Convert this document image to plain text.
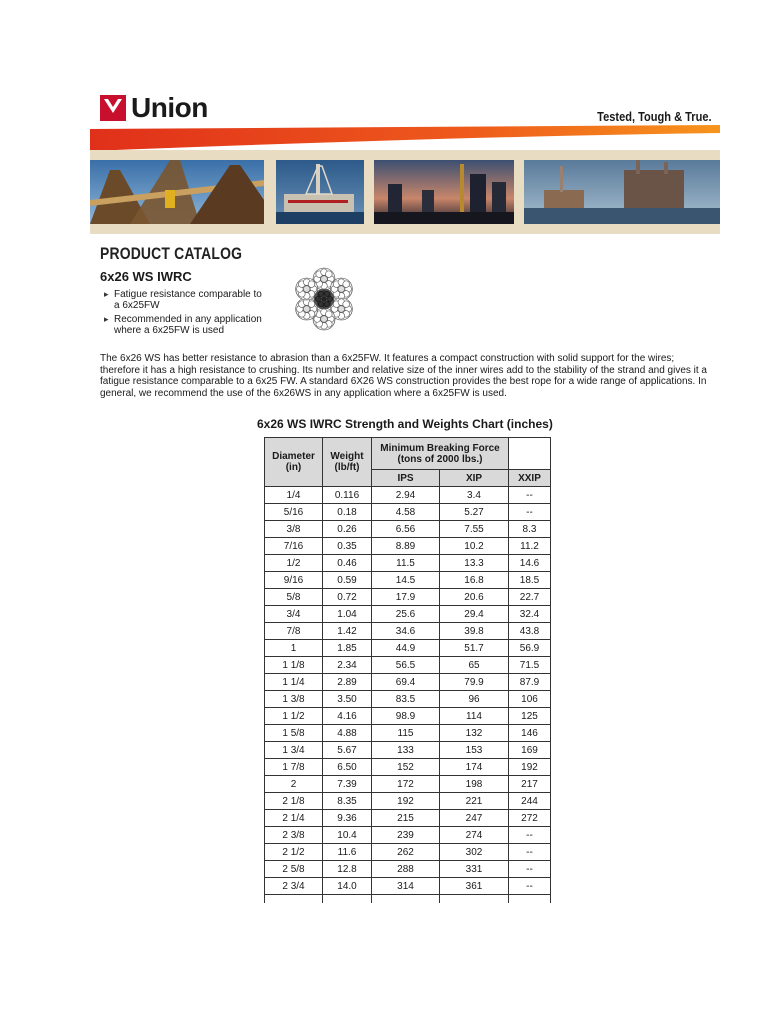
Union	Tested, Tough & True.
PRODUCT CATALOG
6x26 WS IWRC
▸ Fatigue resistance comparable to a 6x25FW
▸ Recommended in any application where a 6x25FW is used

The 6x26 WS has better resistance to abrasion than a 6x25FW. It features a compact construction with solid support for the wires; therefore it has a high resistance to crushing. Its number and relative size of the inner wires add to the stability of the strand and gives it a fatigue resistance comparable to a 6x25 FW. A standard 6X26 WS construction provides the best rope for a wide range of applications. In general, we recommend the use of the 6x26WS in any application where a 6x25FW is used.

6x26 WS IWRC Strength and Weights Chart (inches)
Diameter (in)	Weight (lb/ft)	Minimum Breaking Force (tons of 2000 lbs.)		
		IPS	XIP	XXIP
1/4	0.116	2.94	3.4	--
5/16	0.18	4.58	5.27	--
3/8	0.26	6.56	7.55	8.3
7/16	0.35	8.89	10.2	11.2
1/2	0.46	11.5	13.3	14.6
9/16	0.59	14.5	16.8	18.5
5/8	0.72	17.9	20.6	22.7
3/4	1.04	25.6	29.4	32.4
7/8	1.42	34.6	39.8	43.8
1	1.85	44.9	51.7	56.9
1 1/8	2.34	56.5	65	71.5
1 1/4	2.89	69.4	79.9	87.9
1 3/8	3.50	83.5	96	106
1 1/2	4.16	98.9	114	125
1 5/8	4.88	115	132	146
1 3/4	5.67	133	153	169
1 7/8	6.50	152	174	192
2	7.39	172	198	217
2 1/8	8.35	192	221	244
2 1/4	9.36	215	247	272
2 3/8	10.4	239	274	--
2 1/2	11.6	262	302	--
2 5/8	12.8	288	331	--
2 3/4	14.0	314	361	--
